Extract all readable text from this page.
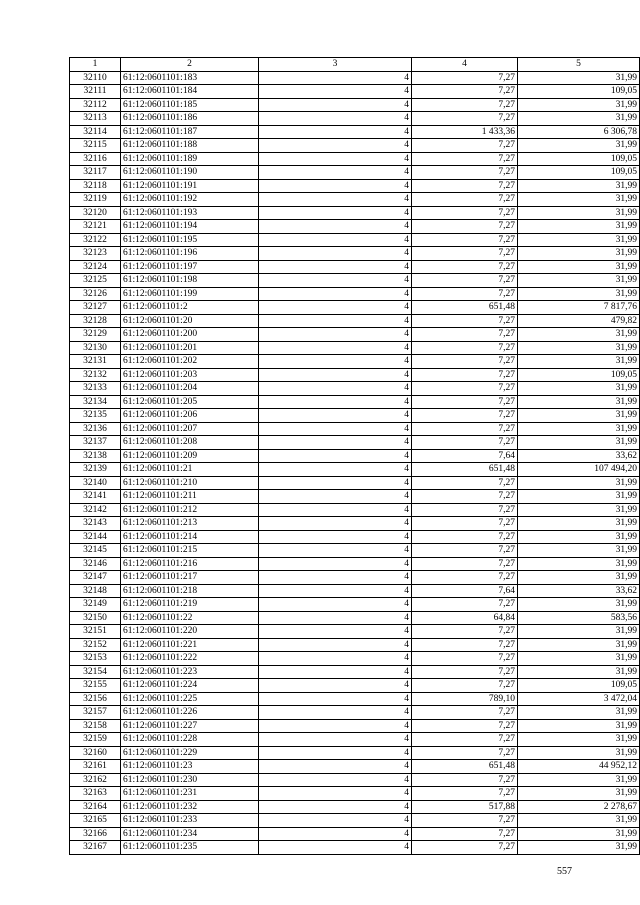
1	2	3	4	5
32110	61:12:0601101:183	4	7,27	31,99
32111	61:12:0601101:184	4	7,27	109,05
32112	61:12:0601101:185	4	7,27	31,99
32113	61:12:0601101:186	4	7,27	31,99
32114	61:12:0601101:187	4	1 433,36	6 306,78
32115	61:12:0601101:188	4	7,27	31,99
32116	61:12:0601101:189	4	7,27	109,05
32117	61:12:0601101:190	4	7,27	109,05
32118	61:12:0601101:191	4	7,27	31,99
32119	61:12:0601101:192	4	7,27	31,99
32120	61:12:0601101:193	4	7,27	31,99
32121	61:12:0601101:194	4	7,27	31,99
32122	61:12:0601101:195	4	7,27	31,99
32123	61:12:0601101:196	4	7,27	31,99
32124	61:12:0601101:197	4	7,27	31,99
32125	61:12:0601101:198	4	7,27	31,99
32126	61:12:0601101:199	4	7,27	31,99
32127	61:12:0601101:2	4	651,48	7 817,76
32128	61:12:0601101:20	4	7,27	479,82
32129	61:12:0601101:200	4	7,27	31,99
32130	61:12:0601101:201	4	7,27	31,99
32131	61:12:0601101:202	4	7,27	31,99
32132	61:12:0601101:203	4	7,27	109,05
32133	61:12:0601101:204	4	7,27	31,99
32134	61:12:0601101:205	4	7,27	31,99
32135	61:12:0601101:206	4	7,27	31,99
32136	61:12:0601101:207	4	7,27	31,99
32137	61:12:0601101:208	4	7,27	31,99
32138	61:12:0601101:209	4	7,64	33,62
32139	61:12:0601101:21	4	651,48	107 494,20
32140	61:12:0601101:210	4	7,27	31,99
32141	61:12:0601101:211	4	7,27	31,99
32142	61:12:0601101:212	4	7,27	31,99
32143	61:12:0601101:213	4	7,27	31,99
32144	61:12:0601101:214	4	7,27	31,99
32145	61:12:0601101:215	4	7,27	31,99
32146	61:12:0601101:216	4	7,27	31,99
32147	61:12:0601101:217	4	7,27	31,99
32148	61:12:0601101:218	4	7,64	33,62
32149	61:12:0601101:219	4	7,27	31,99
32150	61:12:0601101:22	4	64,84	583,56
32151	61:12:0601101:220	4	7,27	31,99
32152	61:12:0601101:221	4	7,27	31,99
32153	61:12:0601101:222	4	7,27	31,99
32154	61:12:0601101:223	4	7,27	31,99
32155	61:12:0601101:224	4	7,27	109,05
32156	61:12:0601101:225	4	789,10	3 472,04
32157	61:12:0601101:226	4	7,27	31,99
32158	61:12:0601101:227	4	7,27	31,99
32159	61:12:0601101:228	4	7,27	31,99
32160	61:12:0601101:229	4	7,27	31,99
32161	61:12:0601101:23	4	651,48	44 952,12
32162	61:12:0601101:230	4	7,27	31,99
32163	61:12:0601101:231	4	7,27	31,99
32164	61:12:0601101:232	4	517,88	2 278,67
32165	61:12:0601101:233	4	7,27	31,99
32166	61:12:0601101:234	4	7,27	31,99
32167	61:12:0601101:235	4	7,27	31,99
557
